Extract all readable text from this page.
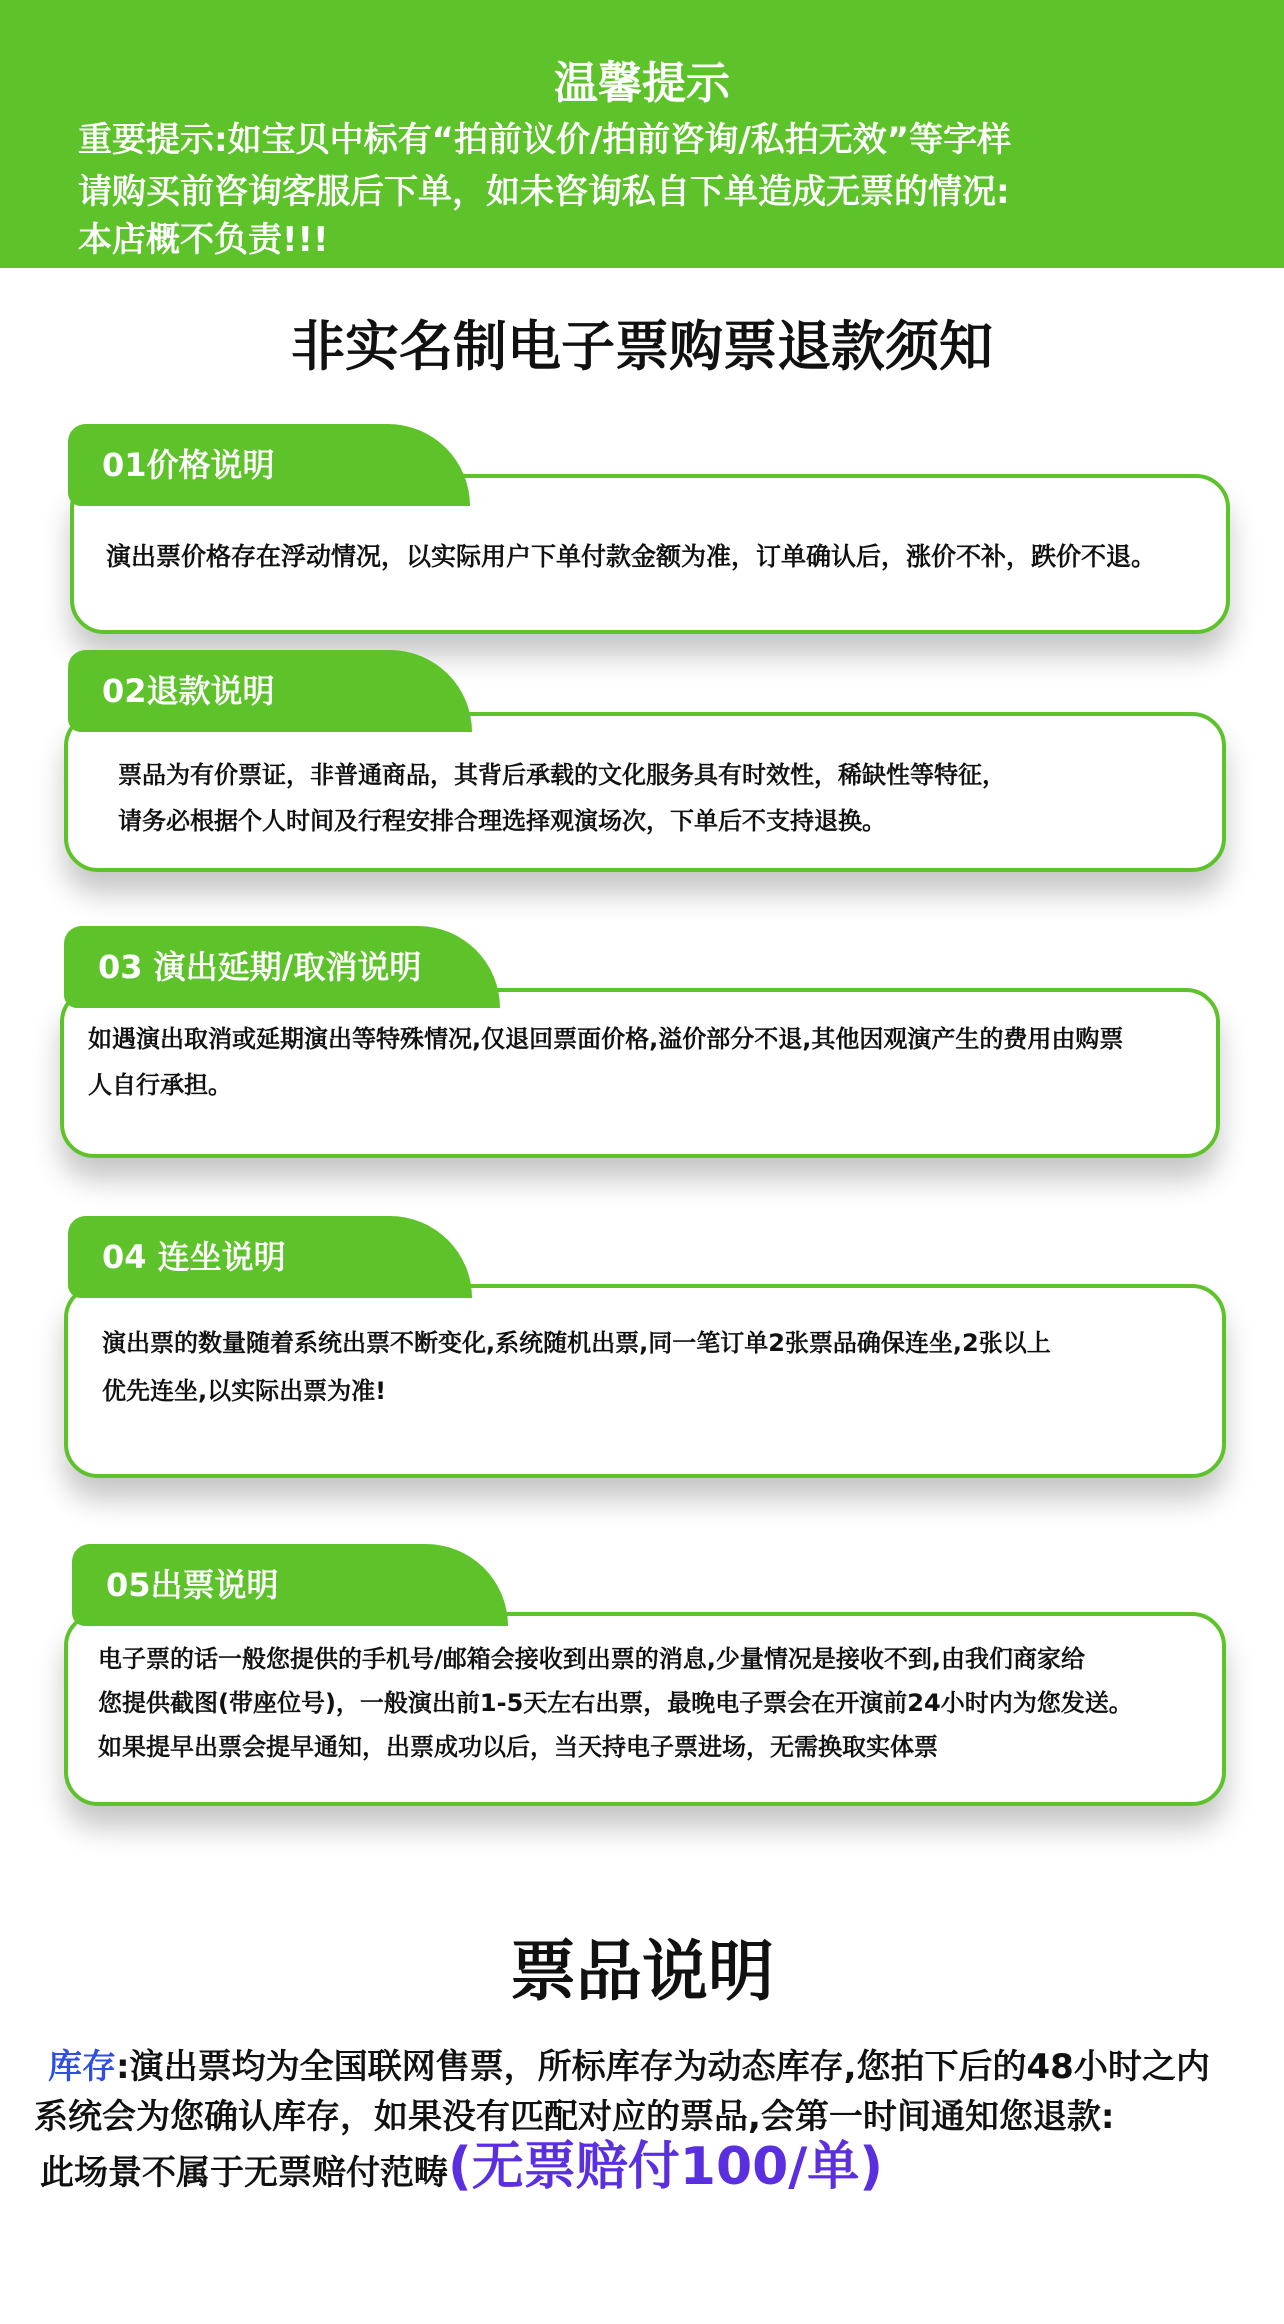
温馨提示
重要提示:如宝贝中标有“拍前议价/拍前咨询/私拍无效”等字样
请购买前咨询客服后下单，如未咨询私自下单造成无票的情况:
本店概不负责!!!
非实名制电子票购票退款须知
演出票价格存在浮动情况，以实际用户下单付款金额为准，订单确认后，涨价不补，跌价不退。
01价格说明
票品为有价票证，非普通商品，其背后承载的文化服务具有时效性，稀缺性等特征，
请务必根据个人时间及行程安排合理选择观演场次，下单后不支持退换。
02退款说明
如遇演出取消或延期演出等特殊情况,仅退回票面价格,溢价部分不退,其他因观演产生的费用由购票
人自行承担。
03 演出延期/取消说明
演出票的数量随着系统出票不断变化,系统随机出票,同一笔订单2张票品确保连坐,2张以上
优先连坐,以实际出票为准!
04 连坐说明
电子票的话一般您提供的手机号/邮箱会接收到出票的消息,少量情况是接收不到,由我们商家给
您提供截图(带座位号)，一般演出前1-5天左右出票，最晚电子票会在开演前24小时内为您发送。
如果提早出票会提早通知，出票成功以后，当天持电子票进场，无需换取实体票
05出票说明
票品说明
库存:演出票均为全国联网售票，所标库存为动态库存,您拍下后的48小时之内
系统会为您确认库存，如果没有匹配对应的票品,会第一时间通知您退款:
此场景不属于无票赔付范畴(无票赔付100/单)
